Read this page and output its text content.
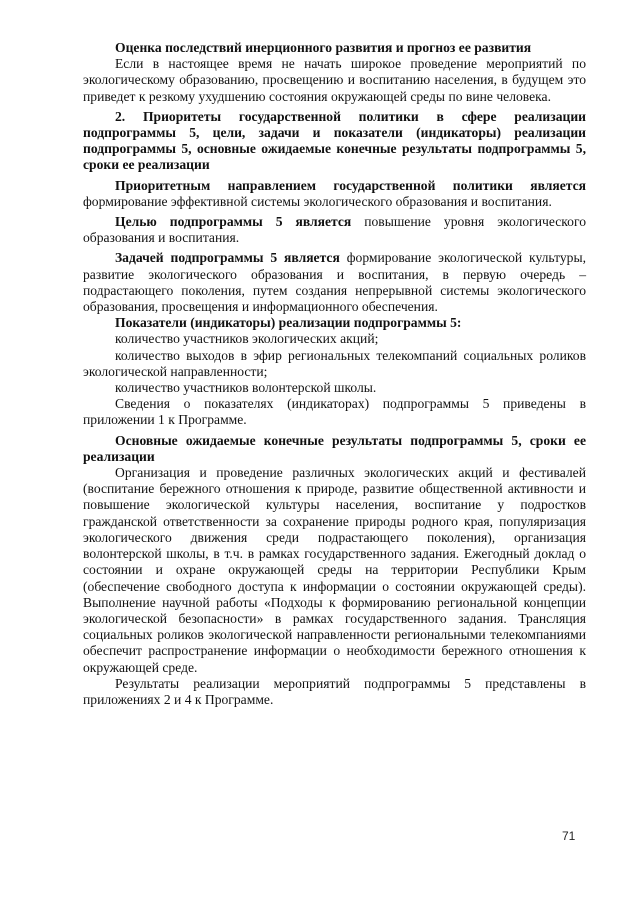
Оценка последствий инерционного развития и прогноз ее развития

Если в настоящее время не начать широкое проведение мероприятий по экологическому образованию, просвещению и воспитанию населения, в будущем это приведет к резкому ухудшению состояния окружающей среды по вине человека.

2. Приоритеты государственной политики в сфере реализации подпрограммы 5, цели, задачи и показатели (индикаторы) реализации подпрограммы 5, основные ожидаемые конечные результаты подпрограммы 5, сроки ее реализации

Приоритетным направлением государственной политики является формирование эффективной системы экологического образования и воспитания.

Целью подпрограммы 5 является повышение уровня экологического образования и воспитания.

Задачей подпрограммы 5 является формирование экологической культуры, развитие экологического образования и воспитания, в первую очередь – подрастающего поколения, путем создания непрерывной системы экологического образования, просвещения и информационного обеспечения.

Показатели (индикаторы) реализации подпрограммы 5:

количество участников экологических акций;

количество выходов в эфир региональных телекомпаний социальных роликов экологической направленности;

количество участников волонтерской школы.

Сведения о показателях (индикаторах) подпрограммы 5 приведены в приложении 1 к Программе.

Основные ожидаемые конечные результаты подпрограммы 5, сроки ее реализации

Организация и проведение различных экологических акций и фестивалей (воспитание бережного отношения к природе, развитие общественной активности и повышение экологической культуры населения, воспитание у подростков гражданской ответственности за сохранение природы родного края, популяризация экологического движения среди подрастающего поколения), организация волонтерской школы, в т.ч. в рамках государственного задания. Ежегодный доклад о состоянии и охране окружающей среды на территории Республики Крым (обеспечение свободного доступа к информации о состоянии окружающей среды). Выполнение научной работы «Подходы к формированию региональной концепции экологической безопасности» в рамках государственного задания. Трансляция социальных роликов экологической направленности региональными телекомпаниями обеспечит распространение информации о необходимости бережного отношения к окружающей среде.

Результаты реализации мероприятий подпрограммы 5 представлены в приложениях 2 и 4 к Программе.

71
